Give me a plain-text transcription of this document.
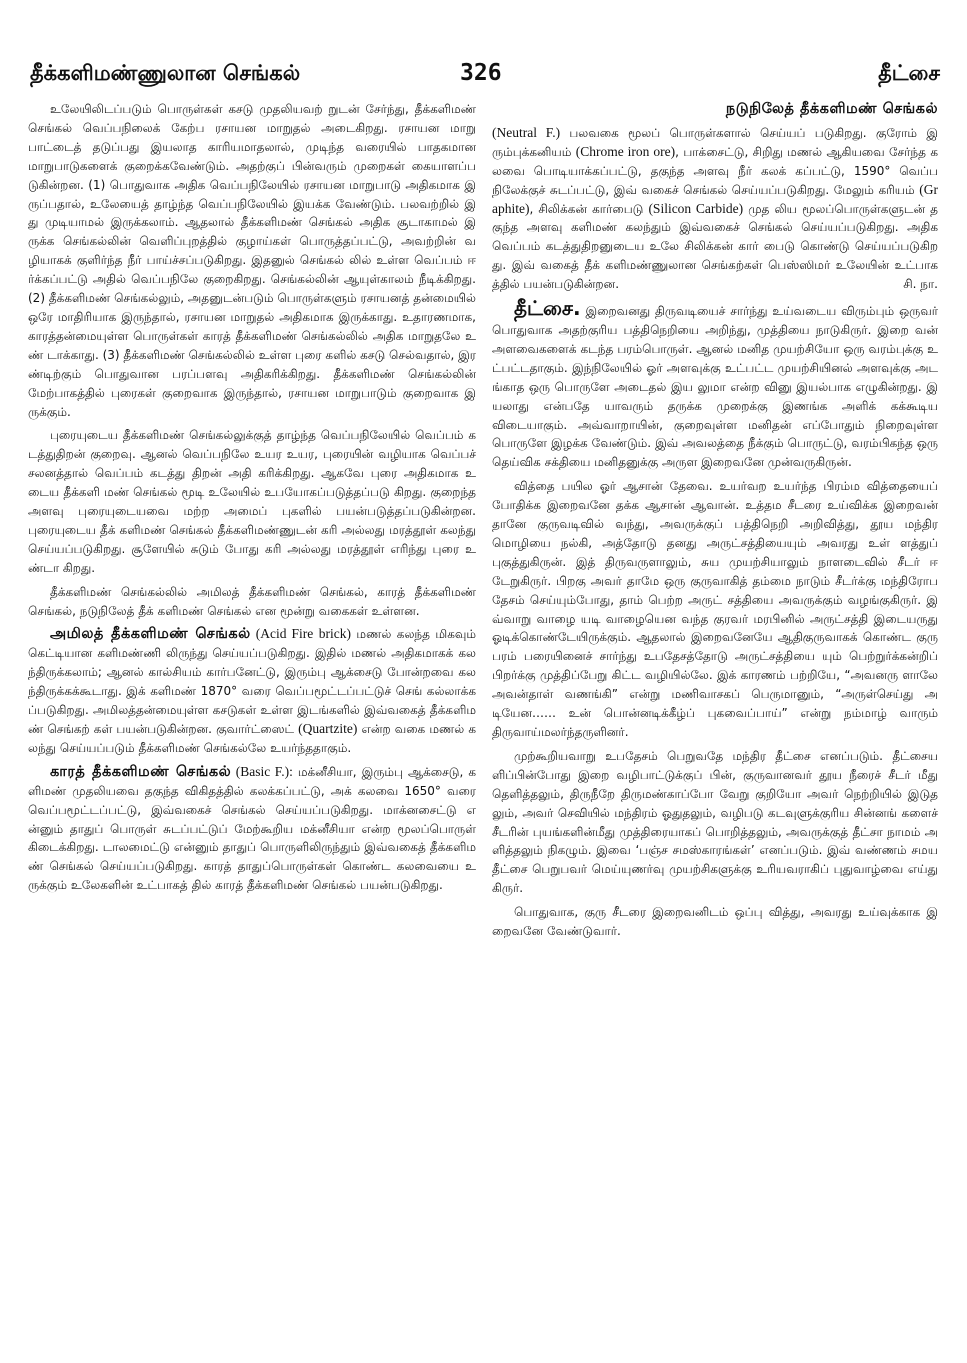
தீக்களிமண்ணுலான செங்கல்	326	தீட்சை

உலேயிலிடப்படும் பொருள்கள் கசடு முதலியவற் றுடன் சேர்ந்து, தீக்களிமண் செங்கல் வெப்பநிலைக் கேற்ப ரசாயன மாறுதல் அடைகிறது. ரசாயன மாறு பாட்டைத் தடுப்பது இயலாத காரியமாதலால், முடிந்த வரையில் பாதகமான மாறுபாடுகளைக் குறைக்கவேண்டும். அதற்குப் பின்வரும் முறைகள் கையாளப்படுகின்றன. (1) பொதுவாக அதிக வெப்பநிலேயில் ரசாயன மாறுபாடு அதிகமாக இருப்பதால், உலேயைத் தாழ்ந்த வெப்பநிலேயில் இயக்க வேண்டும். பலவற்றில் இது முடியாமல் இருக்கலாம். ஆதலால் தீக்களிமண் செங்கல் அதிக சூடாகாமல் இருக்க செங்கல்லின் வெளிப்புறத்தில் குழாய்கள் பொருத்தப்பட்டு, அவற்றின் வழியாகக் குளிர்ந்த நீர் பாய்ச்சப்படுகிறது. இதனுல் செங்கல் லில் உள்ள வெப்பம் ஈர்க்கப்பட்டு அதில் வெப்பநிலே குறைகிறது. செங்கல்லின் ஆயுள்காலம் நீடிக்கிறது. (2) தீக்களிமண் செங்கல்லும், அதனுடன்படும் பொருள்களும் ரசாயனத் தன்மையில் ஒரே மாதிரியாக இருந்தால், ரசாயன மாறுதல் அதிகமாக இருக்காது. உதாரணமாக, காரத்தன்மையுள்ள பொருள்கள் காரத் தீக்களிமண் செங்கல்லில் அதிக மாறுதலே உண் டாக்காது. (3) தீக்களிமண் செங்கல்லில் உள்ள புரை களில் கசடு செல்வதால், இரண்டிற்கும் பொதுவான பரப்பளவு அதிகரிக்கிறது. தீக்களிமண் செங்கல்லின் மேற்பாகத்தில் புரைகள் குறைவாக இருந்தால், ரசாயன மாறுபாடும் குறைவாக இருக்கும்.

புரையுடைய தீக்களிமண் செங்கல்லுக்குத் தாழ்ந்த வெப்பநிலேயில் வெப்பம் கடத்துதிறன் குறைவு. ஆனல் வெப்பநிலே உயர உயர, புரையின் வழியாக வெப்பச் சலனத்தால் வெப்பம் கடத்து திறன் அதி கரிக்கிறது. ஆகவே புரை அதிகமாக உடைய தீக்களி மண் செங்கல் மூடி உலேயில் உபயோகப்படுத்தப்படு கிறது. குறைந்த அளவு புரையுடையவை மற்ற அமைப் புகளில் பயன்படுத்தப்படுகின்றன. புரையுடைய தீக் களிமண் செங்கல் தீக்களிமண்ணுடன் கரி அல்லது மரத்தூள் கலந்து செய்யப்படுகிறது. சூளேயில் சுடும் போது கரி அல்லது மரத்தூள் எரிந்து புரை உண்டா கிறது.

தீக்களிமண் செங்கல்லில் அமிலத் தீக்களிமண் செங்கல், காரத் தீக்களிமண் செங்கல், நடுநிலேத் தீக் களிமண் செங்கல் என மூன்று வகைகள் உள்ளன.

அமிலத் தீக்களிமண் செங்கல் (Acid Fire brick) மணல் கலந்த மிகவும் கெட்டியான களிமண்ணி லிருந்து செய்யப்படுகிறது. இதில் மணல் அதிகமாகக் கலந்திருக்கலாம்; ஆனல் கால்சியம் கார்பனேட்டு, இரும்பு ஆக்சைடு போன்றவை கலந்திருக்கக்கூடாது. இக் களிமண் 1870° வரை வெப்பமூட்டப்பட்டுச் செங் கல்லாக்கப்படுகிறது. அமிலத்தன்மையுள்ள கசடுகள் உள்ள இடங்களில் இவ்வகைத் தீக்களிமண் செங்கற் கள் பயன்படுகின்றன. குவார்ட்ஸைட் (Quartzite) என்ற வகை மணல் கலந்து செய்யப்படும் தீக்களிமண் செங்கல்லே உயர்ந்ததாகும்.

காரத் தீக்களிமண் செங்கல் (Basic F.): மக்னீசியா, இரும்பு ஆக்சைடு, களிமண் முதலியவை தகுந்த விகிதத்தில் கலக்கப்பட்டு, அக் கலவை 1650° வரை வெப்பமூட்டப்பட்டு, இவ்வகைச் செங்கல் செய்யப்படுகிறது. மாக்னசைட்டு என்னும் தாதுப் பொருள் சுடப்பட்டுப் மேற்கூறிய மக்னீசியா என்ற மூலப்பொருள் கிடைக்கிறது. டாலமைட்டு என்னும் தாதுப் பொருளிலிருந்தும் இவ்வகைத் தீக்களிமண் செங்கல் செய்யப்படுகிறது. காரத் தாதுப்பொருள்கள் கொண்ட கலவையை உருக்கும் உலேகளின் உட்பாகத் தில் காரத் தீக்களிமண் செங்கல் பயன்படுகிறது.

நடுநிலேத் தீக்களிமண் செங்கல்

(Neutral F.) பலவகை மூலப் பொருள்களால் செய்யப் படுகிறது. குரோம் இரும்புக்கனியம் (Chrome iron ore), பாக்சைட்டு, சிறிது மணல் ஆகியவை சேர்ந்த கலவை பொடியாக்கப்பட்டு, தகுந்த அளவு நீர் கலக் கப்பட்டு, 1590° வெப்பநிலேக்குச் சுடப்பட்டு, இவ் வகைச் செங்கல் செய்யப்படுகிறது. மேலும் கரியம் (Graphite), சிலிக்கன் கார்பைடு (Silicon Carbide) முத லிய மூலப்பொருள்களுடன் தகுந்த அளவு களிமண் கலந்தும் இவ்வகைச் செங்கல் செய்யப்படுகிறது. அதிக வெப்பம் கடத்துதிறனுடைய உலே சிலிக்கன் கார் பைடு கொண்டு செய்யப்படுகிறது. இவ் வகைத் தீக் களிமண்ணுலான செங்கற்கள் பெஸ்ஸிமர் உலேயின் உட்பாகத்தில் பயன்படுகின்றன.	சி. நா.

தீட்சை. இறைவனது திருவடியைச் சார்ந்து உய்வடைய விரும்பும் ஒருவர் பொதுவாக அதற்குரிய பத்திநெறியை அறிந்து, முத்தியை நாடுகிருர். இறை வன் அளவைகளைக் கடந்த பரம்பொருள். ஆனல் மனித முயற்சியோ ஒரு வரம்புக்கு உட்பட்டதாகும். இந்நிலேயில் ஓர் அளவுக்கு உட்பட்ட முயற்சியினல் அளவுக்கு அடங்காத ஒரு பொருளே அடைதல் இய லுமா என்ற வினு இயல்பாக எழுகின்றது. இயலாது என்பதே யாவரும் தருக்க முறைக்கு இணங்க அளிக் கக்கூடிய விடையாகும். அவ்வாறாயின், குறைவுள்ள மனிதன் எப்போதும் நிறைவுள்ள பொருளே இழக்க வேண்டும். இவ் அவலத்தை நீக்கும் பொருட்டு, வரம்பிகந்த ஒரு தெய்விக சக்தியை மனிதனுக்கு அருள இறைவனே முன்வருகிருன்.

வித்தை பயில ஓர் ஆசான் தேவை. உயர்வற உயர்ந்த பிரம்ம வித்தையைப் போதிக்க இறைவனே தக்க ஆசான் ஆவான். உத்தம சீடரை உய்விக்க இறைவன் தானே குருவடிவில் வந்து, அவருக்குப் பத்திநெறி அறிவித்து, தூய மந்திர மொழியை நல்கி, அத்தோடு தனது அருட்சத்தியையும் அவரது உள் ளத்துப் புகுத்துகிருன். இத் திருவருளாலும், சுய முயற்சியாலும் நாளடைவில் சீடர் ஈடேறுகிருர். பிறகு அவர் தாமே ஒரு குருவாகித் தம்மை நாடும் சீடர்க்கு மந்திரோபதேசம் செய்யும்போது, தாம் பெற்ற அருட் சத்தியை அவருக்கும் வழங்குகிருர். இவ்வாறு வாழை யடி வாழையென வந்த குரவர் மரபினில் அருட்சத்தி இடையருது ஓடிக்கொண்டேயிருக்கும். ஆதலால் இறைவனேயே ஆதிகுருவாகக் கொண்ட குரு பரம் பரையினைச் சார்ந்து உபதேசத்தோடு அருட்சத்தியை யும் பெற்றுர்க்கன்றிப் பிறர்க்கு முத்திப்பேறு கிட்ட வழியில்லே. இக் காரணம் பற்றியே, “அவனரு ளாலே அவன்தாள் வணங்கி” என்று மணிவாசகப் பெருமானும், “அருள்செய்து அடியேன…… உன் பொன்னடிக்கீழ்ப் புகவைப்பாய்” என்று நம்மாழ் வாரும் திருவாய்மலர்ந்தருளினர்.

முற்கூறியவாறு உபதேசம் பெறுவதே மந்திர தீட்சை எனப்படும். தீட்சையளிப்பின்போது இறை வழிபாட்டுக்குப் பின், குருவானவர் தூய நீரைச் சீடர் மீது தெளித்தலும், திருநீறே திருமண்காப்போ வேறு குறியோ அவர் நெற்றியில் இடுதலும், அவர் செவியில் மந்திரம் ஓதுதலும், வழிபடு கடவுளுக்குரிய சின்னங் களைச் சீடரின் புயங்களின்மீது முத்திரையாகப் பொறித்தலும், அவருக்குத் தீட்சா நாமம் அளித்தலும் நிகழும். இவை ‘பஞ்ச சமஸ்காரங்கள்’ எனப்படும். இவ் வண்ணம் சமய தீட்சை பெறுபவர் மெய்யுணர்வு முயற்சிகளுக்கு உரியவராகிப் புதுவாழ்வை எய்து கிருர்.

பொதுவாக, குரு சீடரை இறைவனிடம் ஒப்பு வித்து, அவரது உய்வுக்காக இறைவனே வேண்டுவார்.
